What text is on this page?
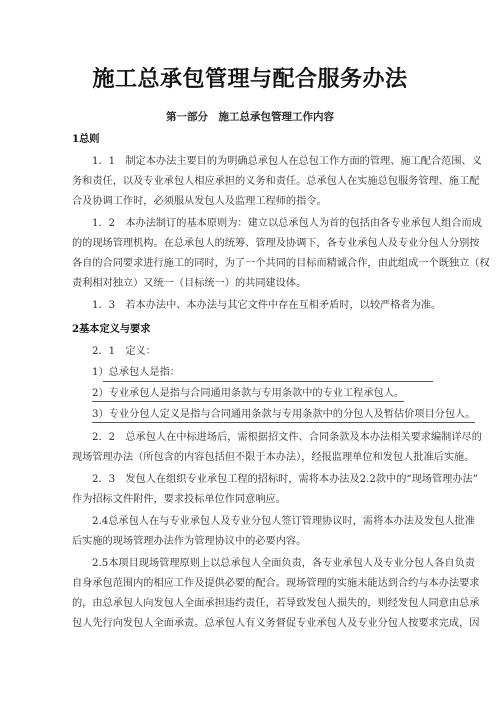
施工总承包管理与配合服务办法
第一部分　施工总承包管理工作内容
1总则
1．1　制定本办法主要目的为明确总承包人在总包工作方面的管理、施工配合范围、义
务和责任，以及专业承包人相应承担的义务和责任。总承包人在实施总包服务管理、施工配
合及协调工作时，必须服从发包人及监理工程师的指令。
1．2　本办法制订的基本原则为：建立以总承包人为首的包括由各专业承包人组合而成
的的现场管理机构。在总承包人的统筹、管理及协调下，各专业承包人及专业分包人分别按
各自的合同要求进行施工的同时，为了一个共同的目标而精诚合作，由此组成一个既独立（权
责利相对独立）又统一（目标统一）的共同建设体。
1．3　若本办法中、本办法与其它文件中存在互相矛盾时，以较严格者为准。
2基本定义与要求
2．1　定义：
1）总承包人是指：
2）专业承包人是指与合同通用条款与专用条款中的专业工程承包人。
3）专业分包人定义是指与合同通用条款与专用条款中的分包人及暂估价项目分包人。
2．2　总承包人在中标进场后，需根据招文件、合同条款及本办法相关要求编制详尽的
现场管理办法（所包含的内容包括但不限于本办法），经报监理单位和发包人批准后实施。
2．3　发包人在组织专业承包工程的招标时，需将本办法及2.2款中的“现场管理办法”
作为招标文件附件，要求投标单位作同意响应。
2.4总承包人在与专业承包人及专业分包人签订管理协议时，需将本办法及发包人批准
后实施的现场管理办法作为管理协议中的必要内容。
2.5本项目现场管理原则上以总承包人全面负责，各专业承包人及专业分包人各自负责
自身承包范围内的相应工作及提供必要的配合。现场管理的实施未能达到合约与本办法要求
的，由总承包人向发包人全面承担违约责任，若导致发包人损失的，则经发包人同意由总承
包人先行向发包人全面承责。总承包人有义务督促专业承包人及专业分包人按要求完成，因
